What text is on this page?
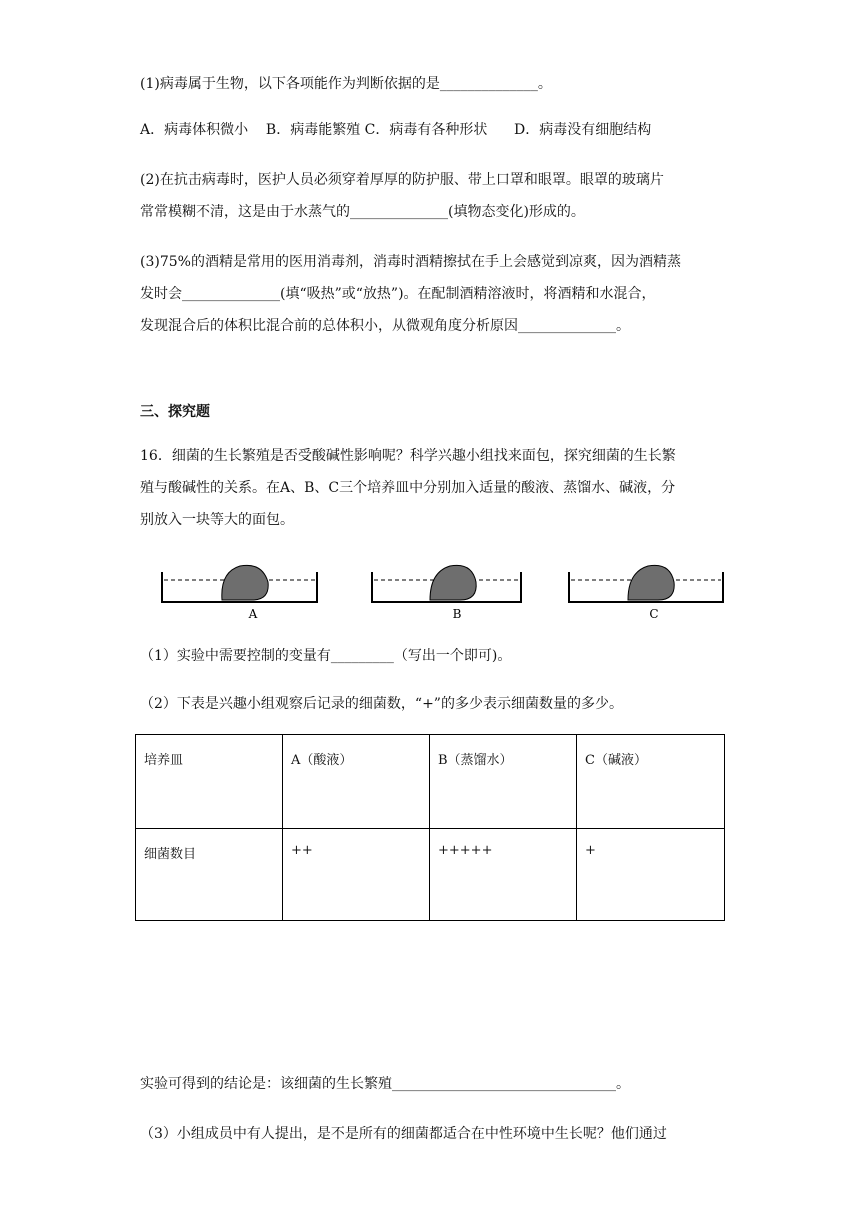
(1)病毒属于生物，以下各项能作为判断依据的是______________。
A．病毒体积微小    B．病毒能繁殖 C．病毒有各种形状      D．病毒没有细胞结构
(2)在抗击病毒时，医护人员必须穿着厚厚的防护服、带上口罩和眼罩。眼罩的玻璃片
常常模糊不清，这是由于水蒸气的______________(填物态变化)形成的。
(3)75%的酒精是常用的医用消毒剂，消毒时酒精擦拭在手上会感觉到凉爽，因为酒精蒸
发时会______________(填“吸热”或“放热”)。在配制酒精溶液时，将酒精和水混合，
发现混合后的体积比混合前的总体积小，从微观角度分析原因______________。
三、探究题
16．细菌的生长繁殖是否受酸碱性影响呢？科学兴趣小组找来面包，探究细菌的生长繁
殖与酸碱性的关系。在A、B、C三个培养皿中分别加入适量的酸液、蒸馏水、碱液，分
别放入一块等大的面包。
A	B	C
（1）实验中需要控制的变量有_________（写出一个即可)。
（2）下表是兴趣小组观察后记录的细菌数，“+”的多少表示细菌数量的多少。
培养皿	A（酸液）	B（蒸馏水）	C（碱液）
细菌数目	++	+++++	+
实验可得到的结论是：该细菌的生长繁殖________________________________。
（3）小组成员中有人提出，是不是所有的细菌都适合在中性环境中生长呢？他们通过
